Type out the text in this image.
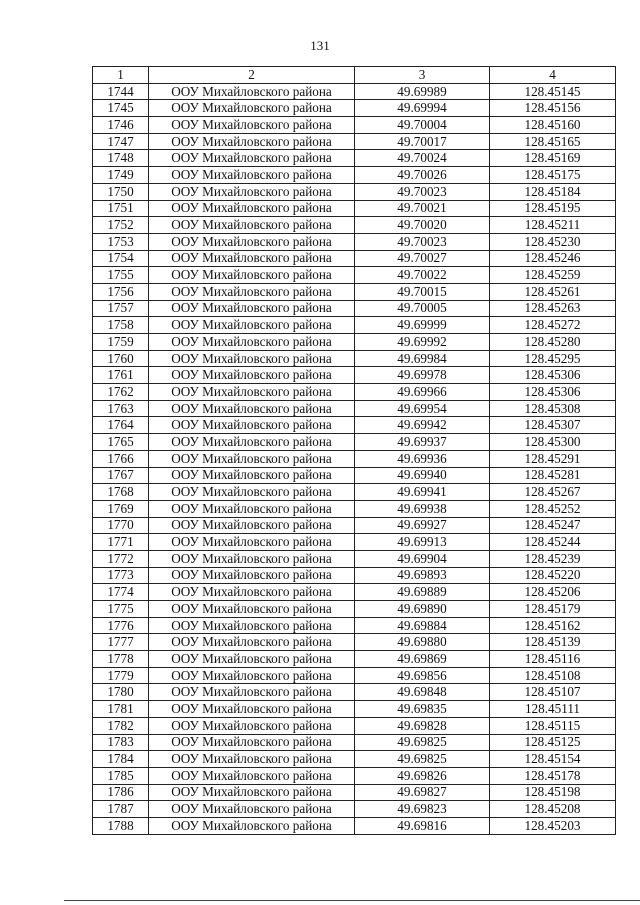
131
1	2	3	4
1744	ООУ Михайловского района	49.69989	128.45145
1745	ООУ Михайловского района	49.69994	128.45156
1746	ООУ Михайловского района	49.70004	128.45160
1747	ООУ Михайловского района	49.70017	128.45165
1748	ООУ Михайловского района	49.70024	128.45169
1749	ООУ Михайловского района	49.70026	128.45175
1750	ООУ Михайловского района	49.70023	128.45184
1751	ООУ Михайловского района	49.70021	128.45195
1752	ООУ Михайловского района	49.70020	128.45211
1753	ООУ Михайловского района	49.70023	128.45230
1754	ООУ Михайловского района	49.70027	128.45246
1755	ООУ Михайловского района	49.70022	128.45259
1756	ООУ Михайловского района	49.70015	128.45261
1757	ООУ Михайловского района	49.70005	128.45263
1758	ООУ Михайловского района	49.69999	128.45272
1759	ООУ Михайловского района	49.69992	128.45280
1760	ООУ Михайловского района	49.69984	128.45295
1761	ООУ Михайловского района	49.69978	128.45306
1762	ООУ Михайловского района	49.69966	128.45306
1763	ООУ Михайловского района	49.69954	128.45308
1764	ООУ Михайловского района	49.69942	128.45307
1765	ООУ Михайловского района	49.69937	128.45300
1766	ООУ Михайловского района	49.69936	128.45291
1767	ООУ Михайловского района	49.69940	128.45281
1768	ООУ Михайловского района	49.69941	128.45267
1769	ООУ Михайловского района	49.69938	128.45252
1770	ООУ Михайловского района	49.69927	128.45247
1771	ООУ Михайловского района	49.69913	128.45244
1772	ООУ Михайловского района	49.69904	128.45239
1773	ООУ Михайловского района	49.69893	128.45220
1774	ООУ Михайловского района	49.69889	128.45206
1775	ООУ Михайловского района	49.69890	128.45179
1776	ООУ Михайловского района	49.69884	128.45162
1777	ООУ Михайловского района	49.69880	128.45139
1778	ООУ Михайловского района	49.69869	128.45116
1779	ООУ Михайловского района	49.69856	128.45108
1780	ООУ Михайловского района	49.69848	128.45107
1781	ООУ Михайловского района	49.69835	128.45111
1782	ООУ Михайловского района	49.69828	128.45115
1783	ООУ Михайловского района	49.69825	128.45125
1784	ООУ Михайловского района	49.69825	128.45154
1785	ООУ Михайловского района	49.69826	128.45178
1786	ООУ Михайловского района	49.69827	128.45198
1787	ООУ Михайловского района	49.69823	128.45208
1788	ООУ Михайловского района	49.69816	128.45203
